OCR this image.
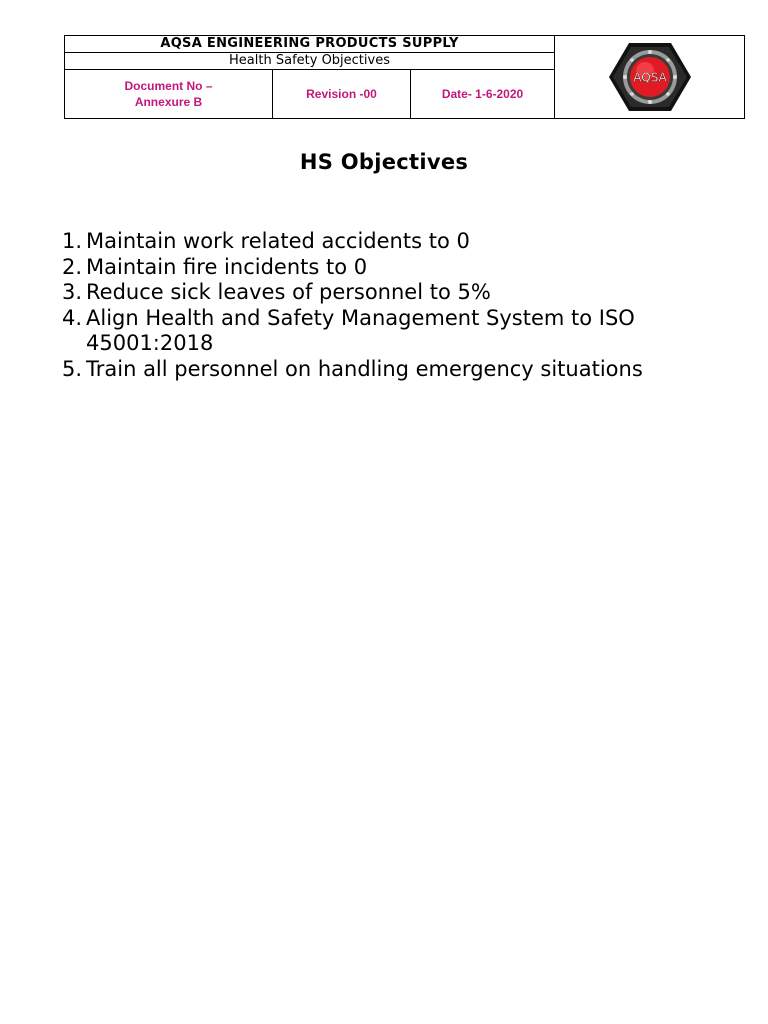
AQSA ENGINEERING PRODUCTS SUPPLY			AQSA

Health Safety Objectives			

Document No –
Annexure B	Revision -00	Date- 1-6-2020	
HS Objectives
1. Maintain work related accidents to 0
2. Maintain fire incidents to 0
3. Reduce sick leaves of personnel to 5%
4. Align Health and Safety Management System to ISO 45001:2018
5. Train all personnel on handling emergency situations
